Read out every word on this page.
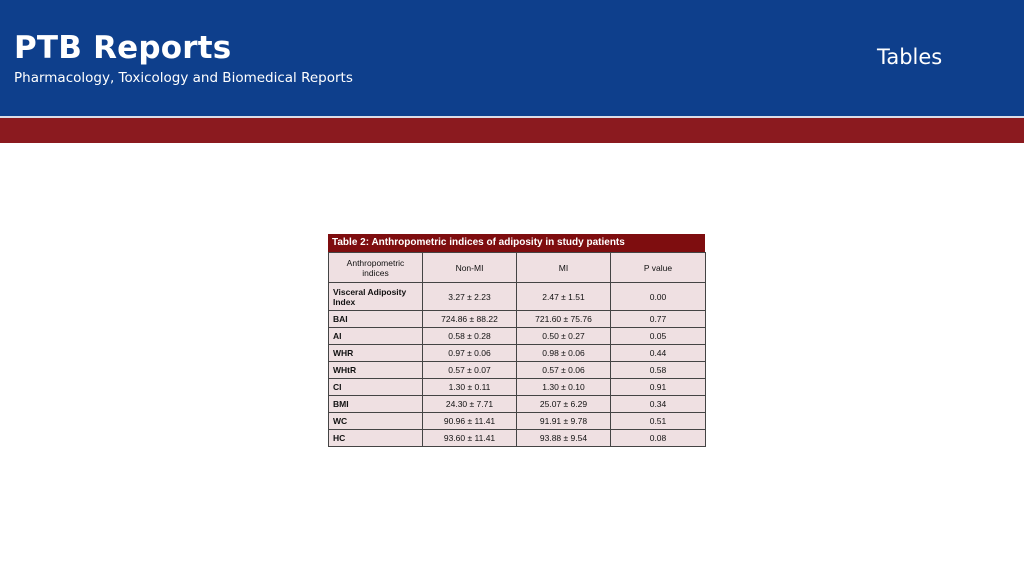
PTB Reports
Pharmacology, Toxicology and Biomedical Reports
Tables
Table 2: Anthropometric indices of adiposity in study patients
Anthropometric indices	Non-MI	MI	P value
Visceral Adiposity Index	3.27 ± 2.23	2.47 ± 1.51	0.00
BAI	724.86 ± 88.22	721.60 ± 75.76	0.77
AI	0.58 ± 0.28	0.50 ± 0.27	0.05
WHR	0.97 ± 0.06	0.98 ± 0.06	0.44
WHtR	0.57 ± 0.07	0.57 ± 0.06	0.58
CI	1.30 ± 0.11	1.30 ± 0.10	0.91
BMI	24.30 ± 7.71	25.07 ± 6.29	0.34
WC	90.96 ± 11.41	91.91 ± 9.78	0.51
HC	93.60 ± 11.41	93.88 ± 9.54	0.08
